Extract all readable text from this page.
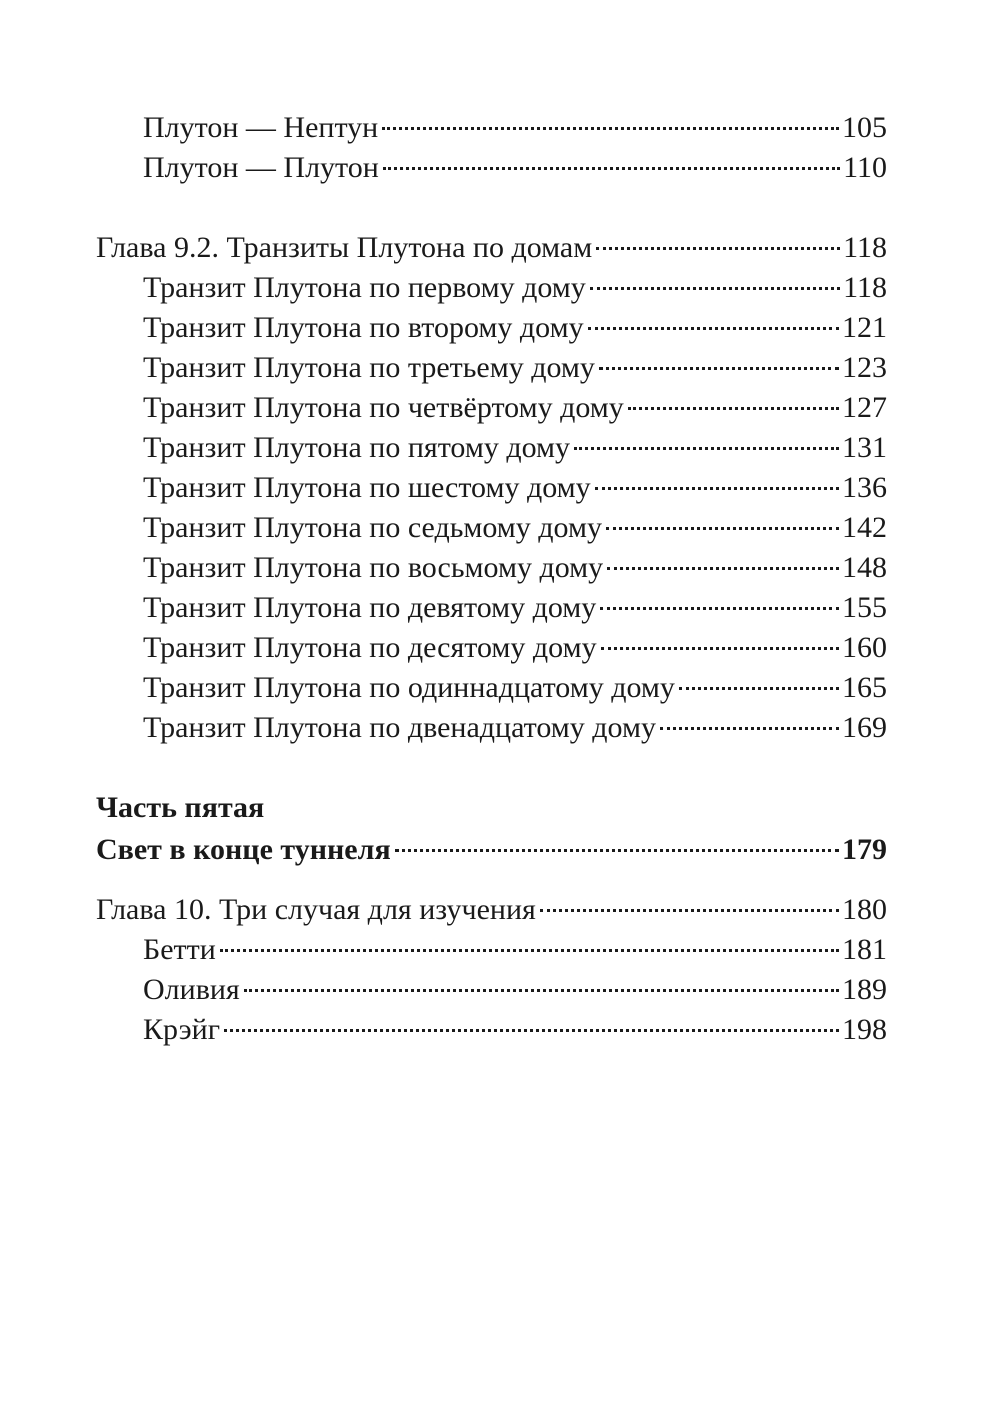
Плутон — Нептун	105
Плутон — Плутон	110
Глава 9.2. Транзиты Плутона по домам	118
Транзит Плутона по первому дому	118
Транзит Плутона по второму дому	121
Транзит Плутона по третьему дому	123
Транзит Плутона по четвёртому дому	127
Транзит Плутона по пятому дому	131
Транзит Плутона по шестому дому	136
Транзит Плутона по седьмому дому	142
Транзит Плутона по восьмому дому	148
Транзит Плутона по девятому дому	155
Транзит Плутона по десятому дому	160
Транзит Плутона по одиннадцатому дому	165
Транзит Плутона по двенадцатому дому	169
Часть пятая
Свет в конце туннеля	179
Глава 10. Три случая для изучения	180
Бетти	181
Оливия	189
Крэйг	198
